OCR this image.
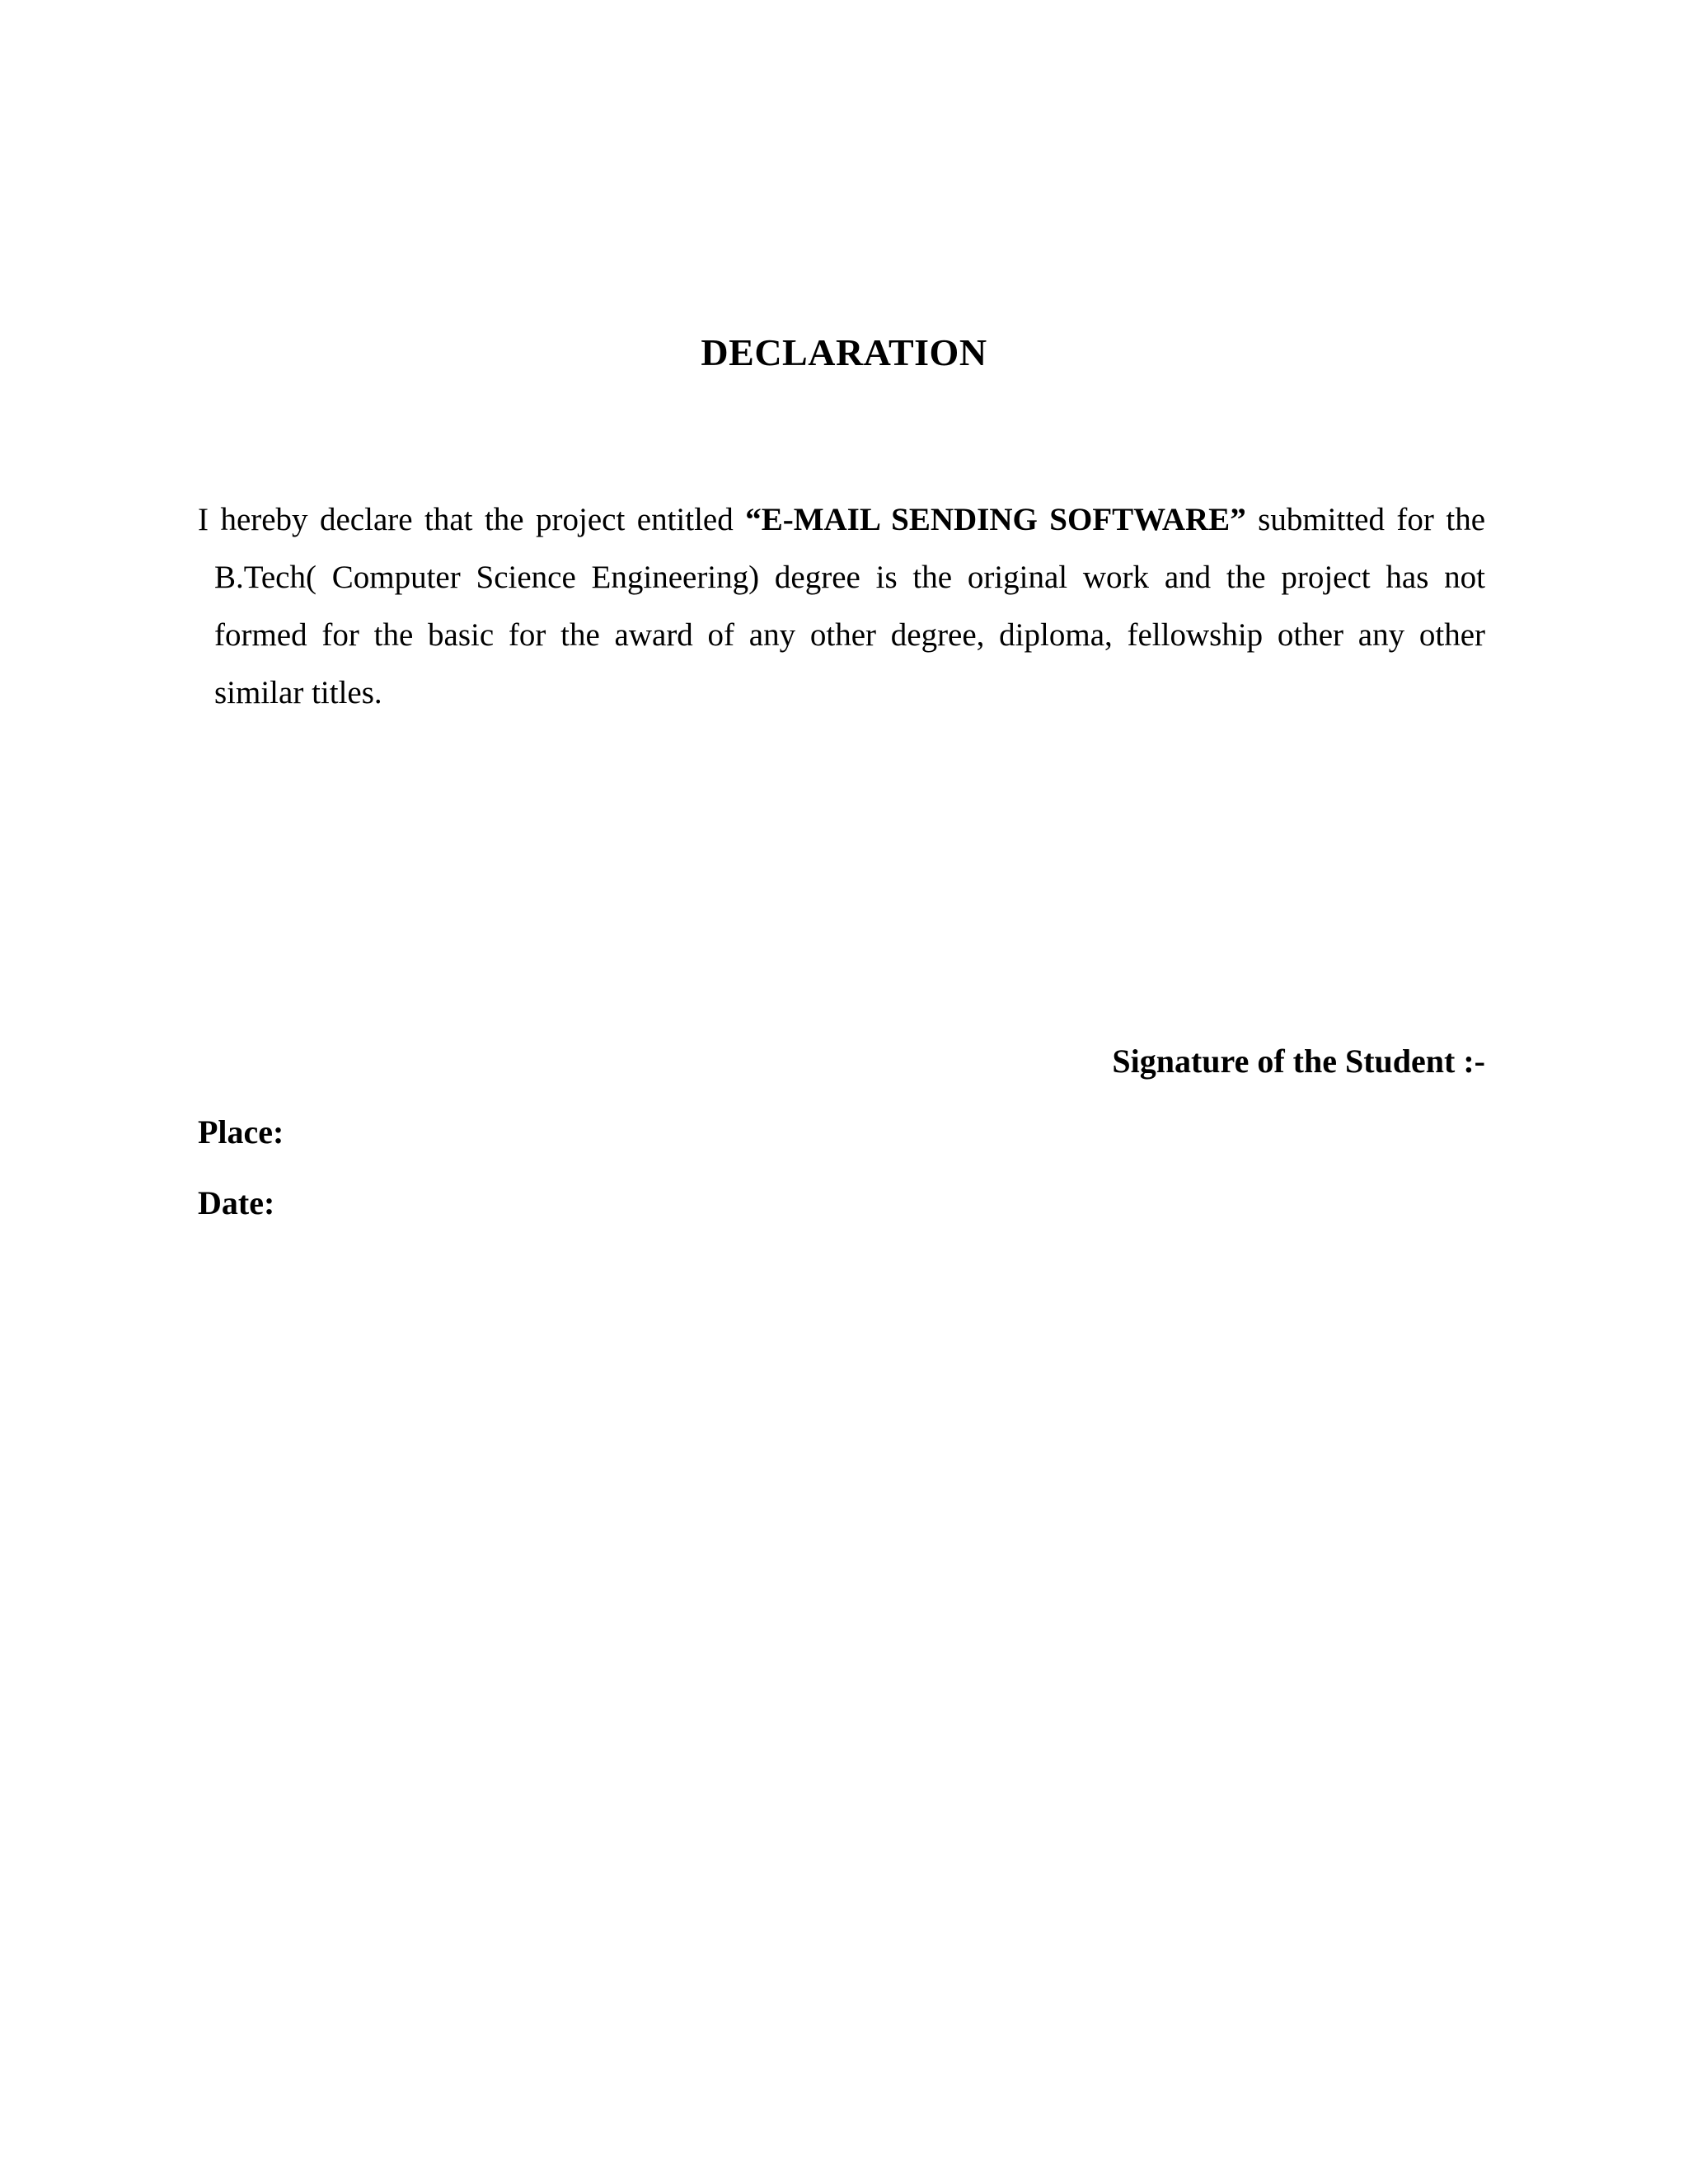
DECLARATION
I hereby declare that the project entitled “E-MAIL SENDING SOFTWARE” submitted for the
B.Tech( Computer Science Engineering) degree is the original work and the project has not
formed for the basic for the award of any other degree, diploma, fellowship other any other
similar titles.
Signature of the Student :-
Place:
Date:
